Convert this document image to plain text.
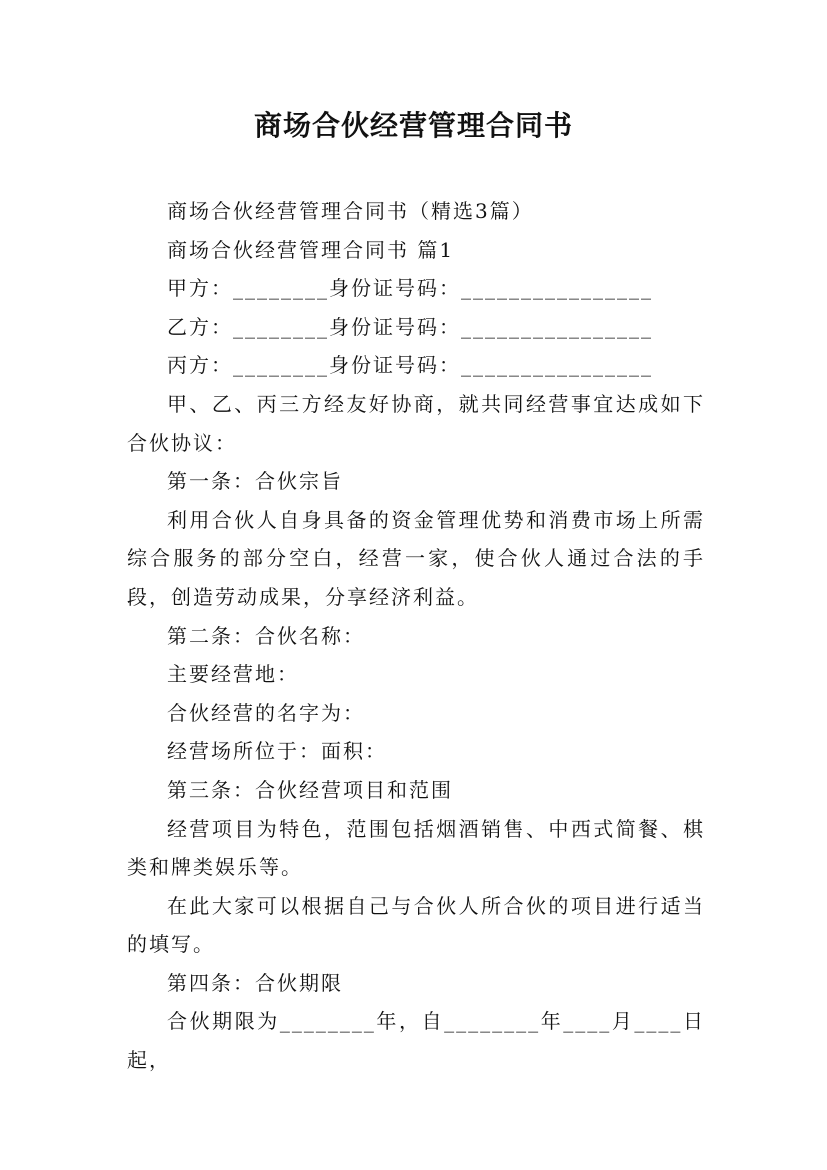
商场合伙经营管理合同书

商场合伙经营管理合同书（精选3篇）

商场合伙经营管理合同书 篇1

甲方：________身份证号码：________________

乙方：________身份证号码：________________

丙方：________身份证号码：________________

甲、乙、丙三方经友好协商，就共同经营事宜达成如下合伙协议：

第一条：合伙宗旨

利用合伙人自身具备的资金管理优势和消费市场上所需综合服务的部分空白，经营一家，使合伙人通过合法的手段，创造劳动成果，分享经济利益。

第二条：合伙名称：

主要经营地：

合伙经营的名字为：

经营场所位于：面积：

第三条：合伙经营项目和范围

经营项目为特色，范围包括烟酒销售、中西式简餐、棋类和牌类娱乐等。

在此大家可以根据自己与合伙人所合伙的项目进行适当的填写。

第四条：合伙期限

合伙期限为________年，自________年____月____日起，
